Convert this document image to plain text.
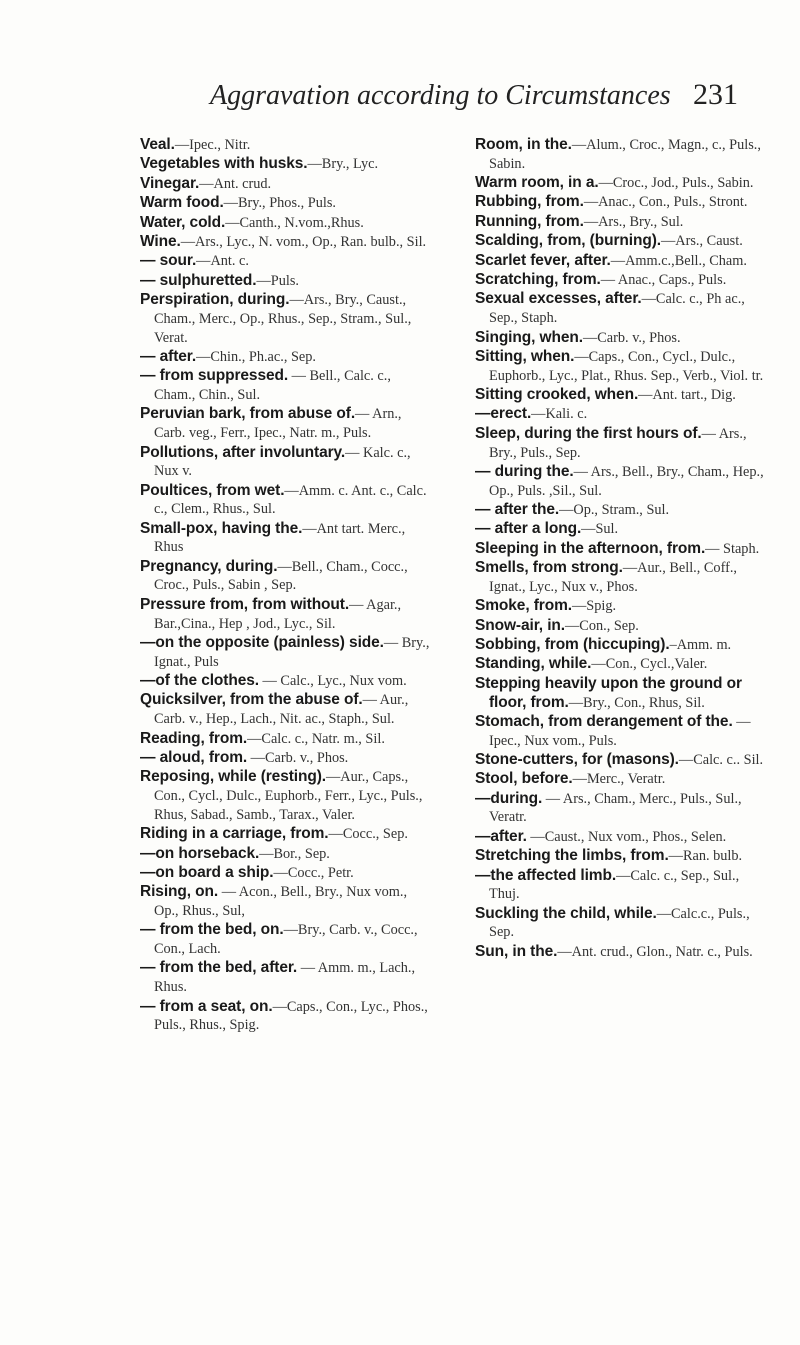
Aggravation according to Circumstances 231
Veal.—Ipec., Nitr.
Vegetables with husks.—Bry., Lyc.
Vinegar.—Ant. crud.
Warm food.—Bry., Phos., Puls.
Water, cold.—Canth., N.vom.,Rhus.
Wine.—Ars., Lyc., N. vom., Op., Ran. bulb., Sil.
— sour.—Ant. c.
— sulphuretted.—Puls.
Perspiration, during.—Ars., Bry., Caust., Cham., Merc., Op., Rhus., Sep., Stram., Sul., Verat.
— after.—Chin., Ph.ac., Sep.
— from suppressed. — Bell., Calc. c., Cham., Chin., Sul.
Peruvian bark, from abuse of.— Arn., Carb. veg., Ferr., Ipec., Natr. m., Puls.
Pollutions, after involuntary.— Kalc. c., Nux v.
Poultices, from wet.—Amm. c. Ant. c., Calc. c., Clem., Rhus., Sul.
Small-pox, having the.—Ant tart. Merc., Rhus
Pregnancy, during.—Bell., Cham., Cocc., Croc., Puls., Sabin , Sep.
Pressure from, from without.— Agar., Bar.,Cina., Hep , Jod., Lyc., Sil.
—on the opposite (painless) side.— Bry., Ignat., Puls
—of the clothes. — Calc., Lyc., Nux vom.
Quicksilver, from the abuse of.— Aur., Carb. v., Hep., Lach., Nit. ac., Staph., Sul.
Reading, from.—Calc. c., Natr. m., Sil.
— aloud, from. —Carb. v., Phos.
Reposing, while (resting).—Aur., Caps., Con., Cycl., Dulc., Euphorb., Ferr., Lyc., Puls., Rhus, Sabad., Samb., Tarax., Valer.
Riding in a carriage, from.—Cocc., Sep.
—on horseback.—Bor., Sep.
—on board a ship.—Cocc., Petr.
Rising, on. — Acon., Bell., Bry., Nux vom., Op., Rhus., Sul,
— from the bed, on.—Bry., Carb. v., Cocc., Con., Lach.
— from the bed, after. — Amm. m., Lach., Rhus.
— from a seat, on.—Caps., Con., Lyc., Phos., Puls., Rhus., Spig.
Room, in the.—Alum., Croc., Magn., c., Puls., Sabin.
Warm room, in a.—Croc., Jod., Puls., Sabin.
Rubbing, from.—Anac., Con., Puls., Stront.
Running, from.—Ars., Bry., Sul.
Scalding, from, (burning).—Ars., Caust.
Scarlet fever, after.—Amm.c.,Bell., Cham.
Scratching, from.— Anac., Caps., Puls.
Sexual excesses, after.—Calc. c., Ph ac., Sep., Staph.
Singing, when.—Carb. v., Phos.
Sitting, when.—Caps., Con., Cycl., Dulc., Euphorb., Lyc., Plat., Rhus. Sep., Verb., Viol. tr.
Sitting crooked, when.—Ant. tart., Dig.
—erect.—Kali. c.
Sleep, during the first hours of.— Ars., Bry., Puls., Sep.
— during the.— Ars., Bell., Bry., Cham., Hep., Op., Puls. ,Sil., Sul.
— after the.—Op., Stram., Sul.
— after a long.—Sul.
Sleeping in the afternoon, from.— Staph.
Smells, from strong.—Aur., Bell., Coff., Ignat., Lyc., Nux v., Phos.
Smoke, from.—Spig.
Snow-air, in.—Con., Sep.
Sobbing, from (hiccuping).–Amm. m.
Standing, while.—Con., Cycl.,Valer.
Stepping heavily upon the ground or floor, from.—Bry., Con., Rhus, Sil.
Stomach, from derangement of the. —Ipec., Nux vom., Puls.
Stone-cutters, for (masons).—Calc. c.. Sil.
Stool, before.—Merc., Veratr.
—during. — Ars., Cham., Merc., Puls., Sul., Veratr.
—after. —Caust., Nux vom., Phos., Selen.
Stretching the limbs, from.—Ran. bulb.
—the affected limb.—Calc. c., Sep., Sul., Thuj.
Suckling the child, while.—Calc.c., Puls., Sep.
Sun, in the.—Ant. crud., Glon., Natr. c., Puls.
